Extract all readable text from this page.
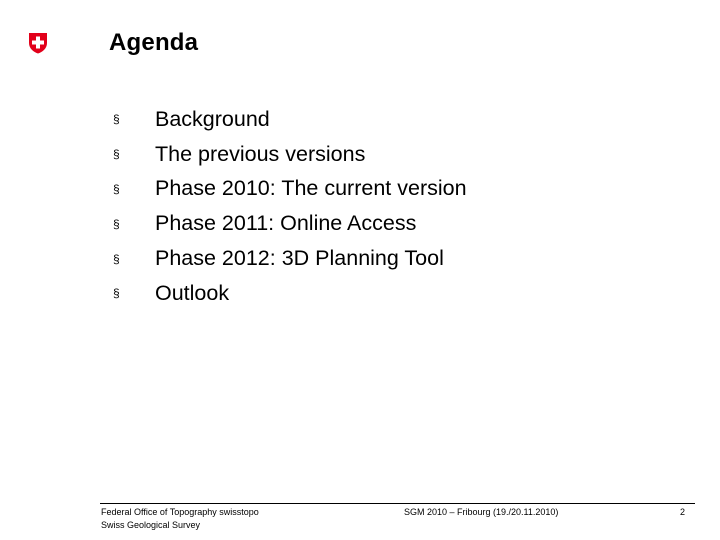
Agenda
§	Background
§	The previous versions
§	Phase 2010: The current version
§	Phase 2011: Online Access
§	Phase 2012: 3D Planning Tool
§	Outlook
Federal Office of Topography swisstopo
Swiss Geological Survey
SGM 2010 – Fribourg (19./20.11.2010)	2
